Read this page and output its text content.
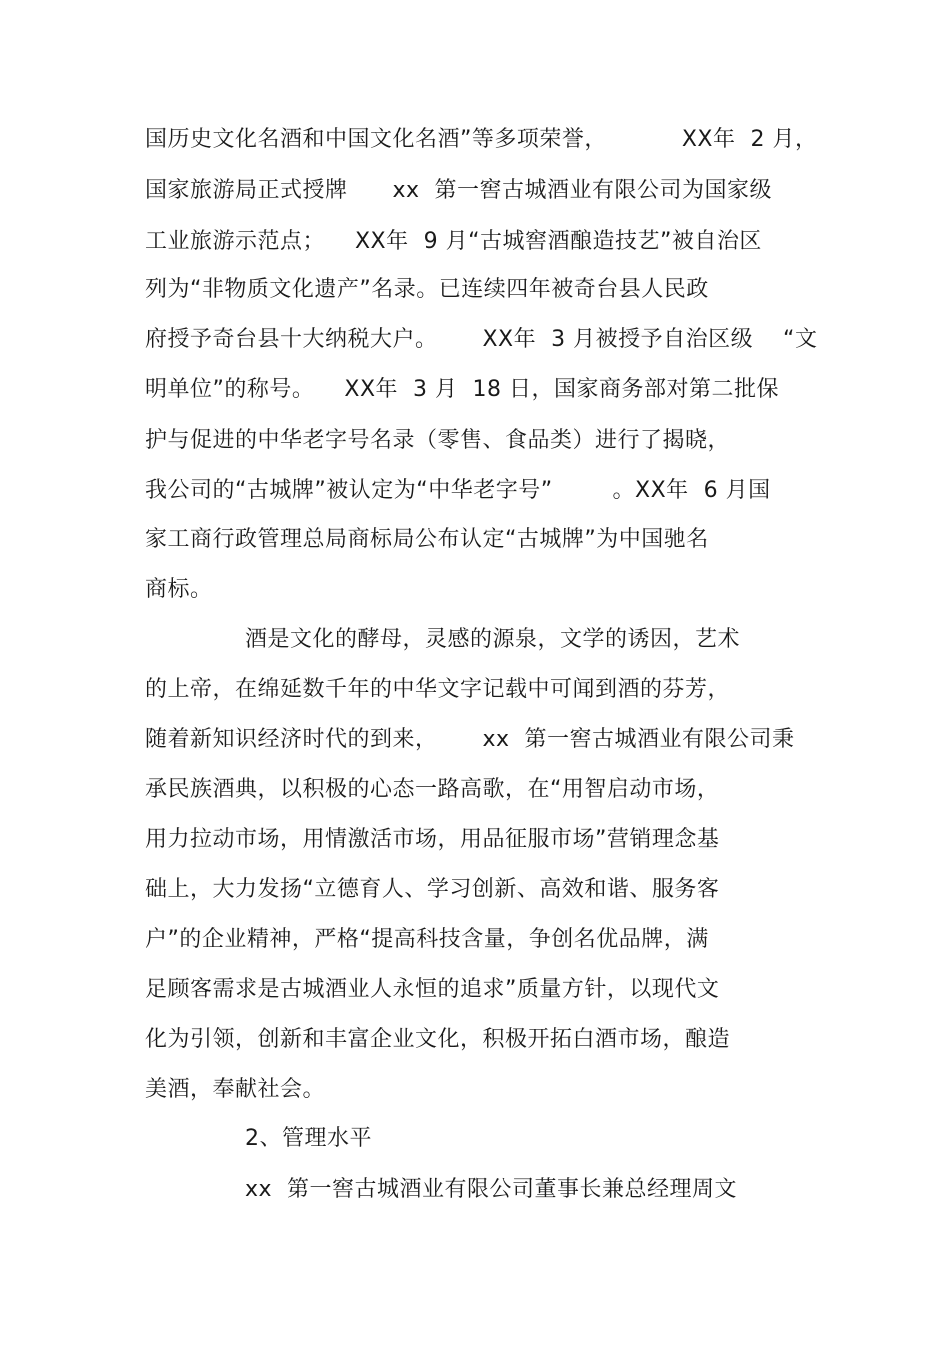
国历史文化名酒和中国文化名酒”等多项荣誉，          XX年  2 月，
国家旅游局正式授牌      xx  第一窖古城酒业有限公司为国家级
工业旅游示范点；    XX年  9 月“古城窖酒酿造技艺”被自治区
列为“非物质文化遗产”名录。已连续四年被奇台县人民政
府授予奇台县十大纳税大户。      XX年  3 月被授予自治区级    “文
明单位”的称号。    XX年  3 月  18 日，国家商务部对第二批保
护与促进的中华老字号名录（零售、食品类）进行了揭晓，
我公司的“古城牌”被认定为“中华老字号”        。XX年  6 月国
家工商行政管理总局商标局公布认定“古城牌”为中国驰名
商标。
酒是文化的酵母，灵感的源泉，文学的诱因，艺术
的上帝，在绵延数千年的中华文字记载中可闻到酒的芬芳，
随着新知识经济时代的到来，      xx  第一窖古城酒业有限公司秉
承民族酒典，以积极的心态一路高歌，在“用智启动市场，
用力拉动市场，用情激活市场，用品征服市场”营销理念基
础上，大力发扬“立德育人、学习创新、高效和谐、服务客
户”的企业精神，严格“提高科技含量，争创名优品牌，满
足顾客需求是古城酒业人永恒的追求”质量方针，以现代文
化为引领，创新和丰富企业文化，积极开拓白酒市场，酿造
美酒，奉献社会。
2、管理水平
xx  第一窖古城酒业有限公司董事长兼总经理周文
